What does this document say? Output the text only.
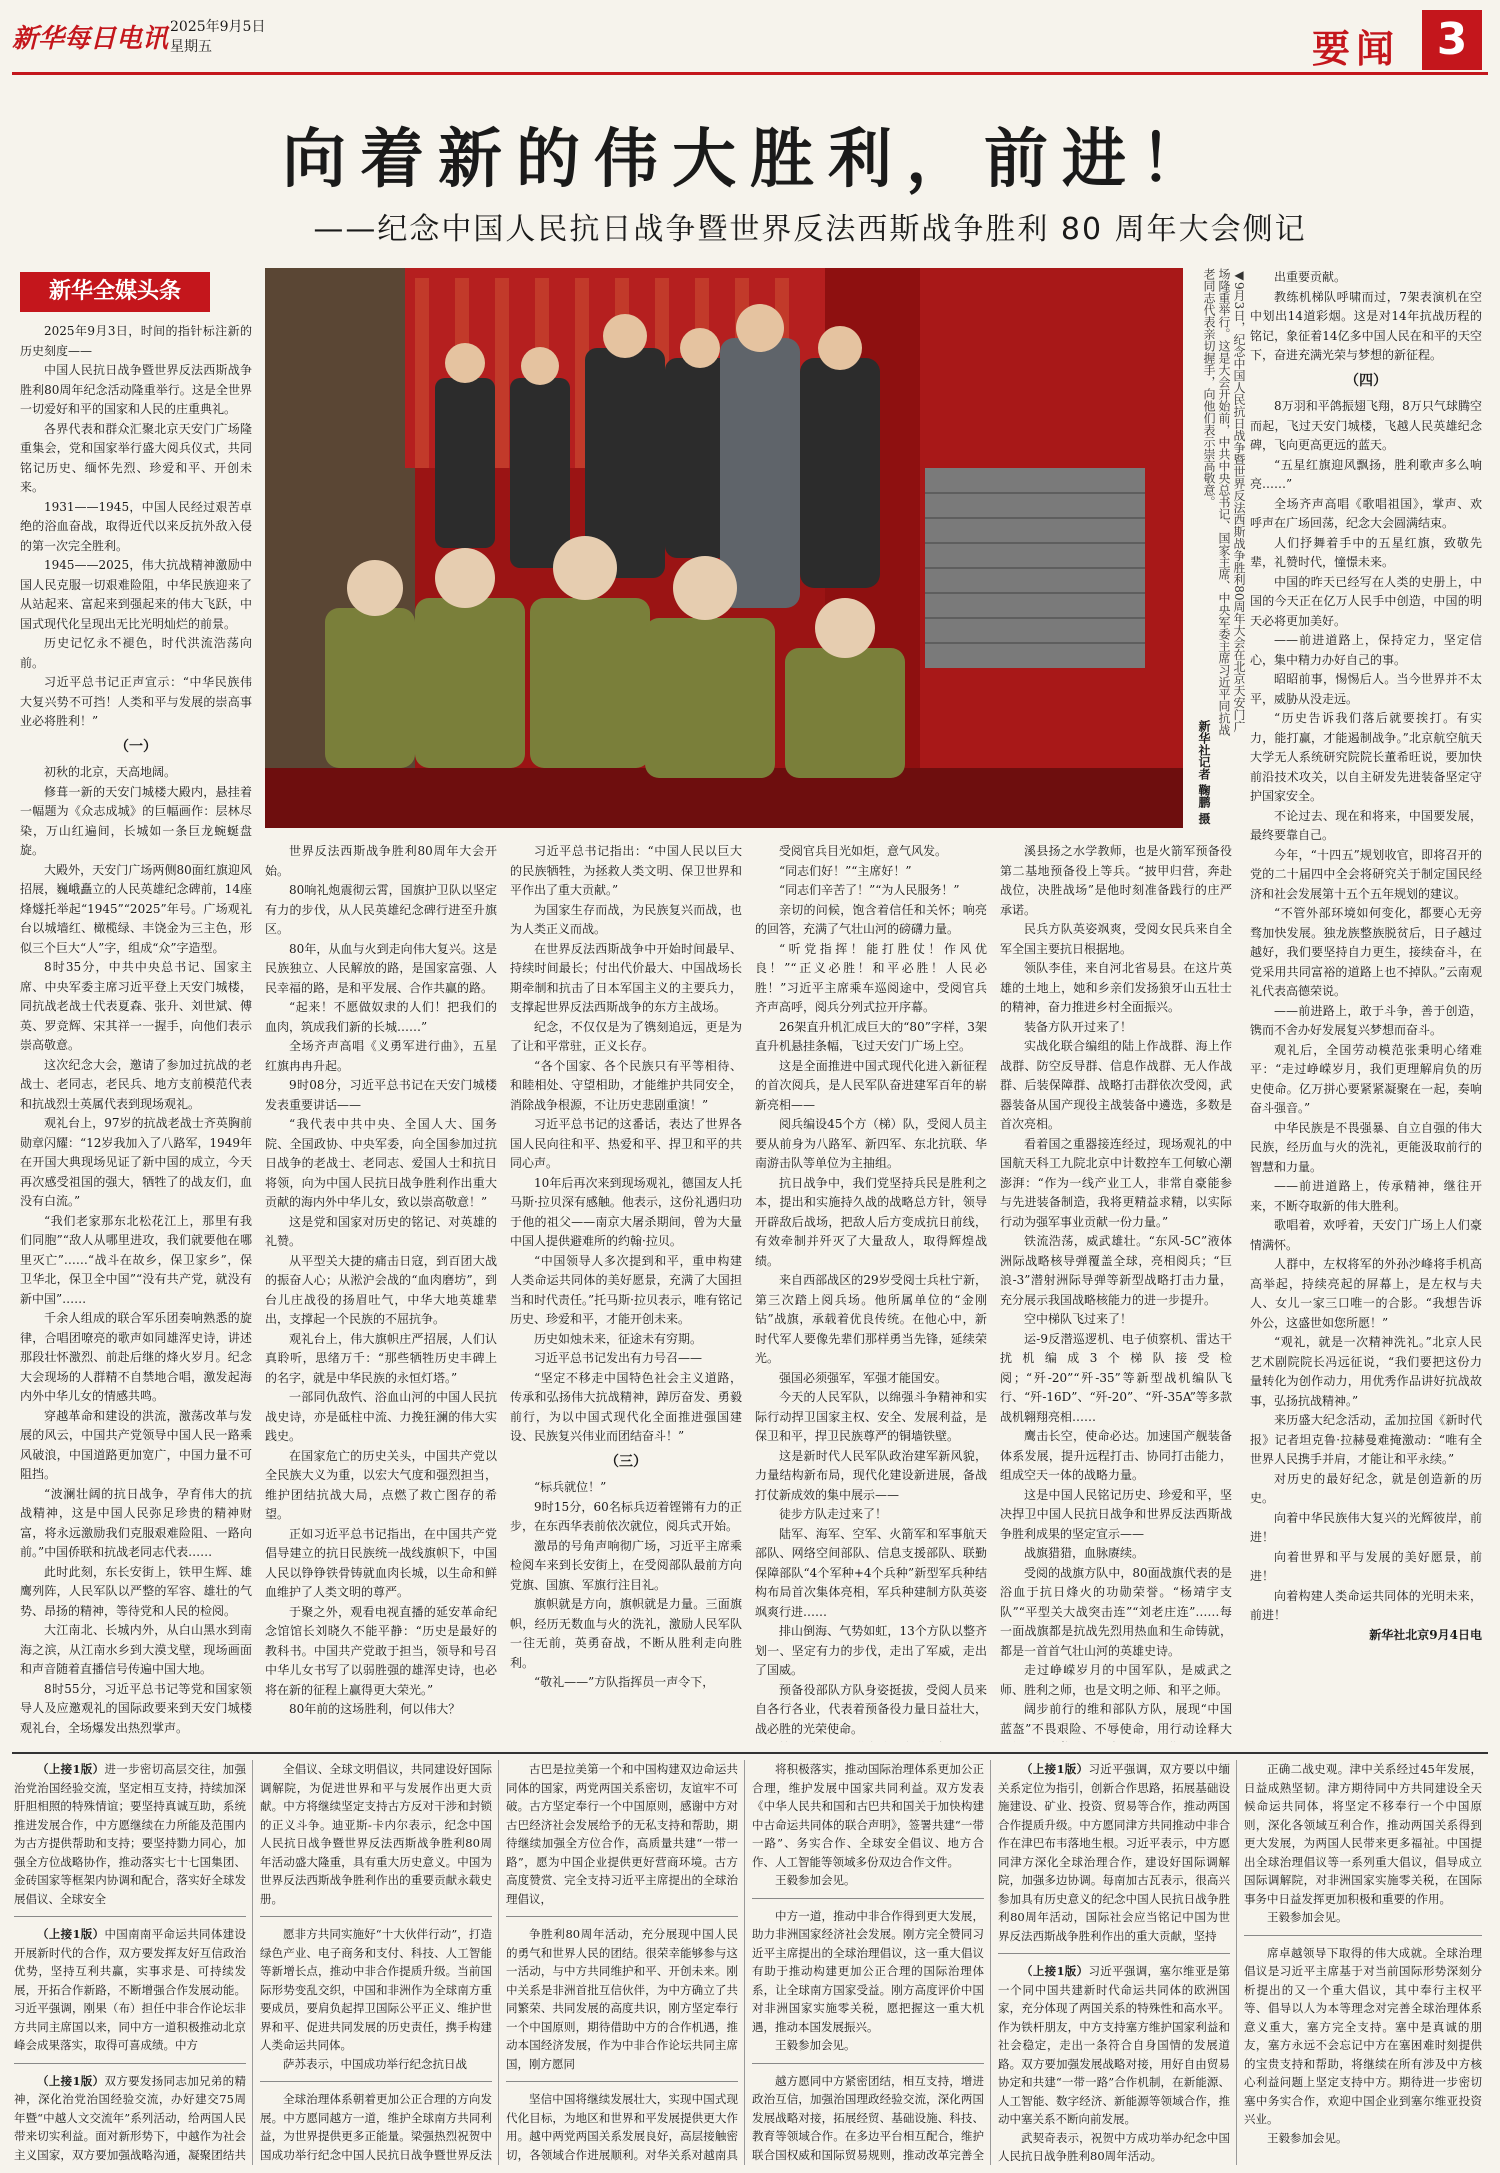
新华每日电讯 2025年9月5日
星期五	要闻 3
向着新的伟大胜利，前进！
——纪念中国人民抗日战争暨世界反法西斯战争胜利 80 周年大会侧记
新华全媒头条	◀9月3日，纪念中国人民抗日战争暨世界反法西斯战争胜利80周年大会在北京天安门广场隆重举行。这是大会开始前，中共中央总书记、国家主席、中央军委主席习近平同抗战老同志代表亲切握手，向他们表示崇高敬意。
新华社记者 鞠鹏 摄

2025年9月3日，时间的指针标注新的历史刻度——

中国人民抗日战争暨世界反法西斯战争胜利80周年纪念活动隆重举行。这是全世界一切爱好和平的国家和人民的庄重典礼。

各界代表和群众汇聚北京天安门广场隆重集会，党和国家举行盛大阅兵仪式，共同铭记历史、缅怀先烈、珍爱和平、开创未来。

1931——1945，中国人民经过艰苦卓绝的浴血奋战，取得近代以来反抗外敌入侵的第一次完全胜利。

1945——2025，伟大抗战精神激励中国人民克服一切艰难险阻，中华民族迎来了从站起来、富起来到强起来的伟大飞跃，中国式现代化呈现出无比光明灿烂的前景。

历史记忆永不褪色，时代洪流浩荡向前。

习近平总书记正声宣示：“中华民族伟大复兴势不可挡！人类和平与发展的崇高事业必将胜利！”

（一）

初秋的北京，天高地阔。

修葺一新的天安门城楼大殿内，悬挂着一幅题为《众志成城》的巨幅画作：层林尽染，万山红遍间，长城如一条巨龙蜿蜒盘旋。

大殿外，天安门广场两侧80面红旗迎风招展，巍峨矗立的人民英雄纪念碑前，14座烽燧托举起“1945”“2025”年号。广场观礼台以城墙红、橄榄绿、丰饶金为三主色，形似三个巨大“人”字，组成“众”字造型。

8时35分，中共中央总书记、国家主席、中央军委主席习近平登上天安门城楼，同抗战老战士代表夏森、张升、刘世斌、傅英、罗竞辉、宋其祥一一握手，向他们表示崇高敬意。

这次纪念大会，邀请了参加过抗战的老战士、老同志，老民兵、地方支前模范代表和抗战烈士英属代表到现场观礼。

观礼台上，97岁的抗战老战士齐英胸前勋章闪耀：“12岁我加入了八路军，1949年在开国大典现场见证了新中国的成立，今天再次感受祖国的强大，牺牲了的战友们，血没有白流。”

“我们老家那东北松花江上，那里有我们同胞”“敌人从哪里进攻，我们就要他在哪里灭亡”……“战斗在故乡，保卫家乡”，保卫华北，保卫全中国”“没有共产党，就没有新中国”……

千余人组成的联合军乐团奏响熟悉的旋律，合唱团嘹亮的歌声如同雄浑史诗，讲述那段壮怀激烈、前赴后继的烽火岁月。纪念大会现场的人群精不自禁地合唱，激发起海内外中华儿女的情感共鸣。

穿越革命和建设的洪流，激荡改革与发展的风云，中国共产党领导中国人民一路乘风破浪，中国道路更加宽广，中国力量不可阻挡。

“波澜壮阔的抗日战争，孕育伟大的抗战精神，这是中国人民弥足珍贵的精神财富，将永远激励我们克服艰难险阻、一路向前。”中国侨联和抗战老同志代表……

此时此刻，东长安街上，铁甲生辉、雄鹰列阵，人民军队以严整的军容、雄壮的气势、昂扬的精神，等待党和人民的检阅。

大江南北、长城内外，从白山黑水到南海之滨，从江南水乡到大漠戈壁，现场画面和声音随着直播信号传遍中国大地。

8时55分，习近平总书记等党和国家领导人及应邀观礼的国际政要来到天安门城楼观礼台，全场爆发出热烈掌声。

世界反法西斯战争胜利80周年大会开始。

80响礼炮震彻云霄，国旗护卫队以坚定有力的步伐，从人民英雄纪念碑行进至升旗区。

80年，从血与火到走向伟大复兴。这是民族独立、人民解放的路，是国家富强、人民幸福的路，是和平发展、合作共赢的路。

“起来！不愿做奴隶的人们！把我们的血肉，筑成我们新的长城……”

全场齐声高唱《义勇军进行曲》，五星红旗冉冉升起。

9时08分，习近平总书记在天安门城楼发表重要讲话——

“我代表中共中央、全国人大、国务院、全国政协、中央军委，向全国参加过抗日战争的老战士、老同志、爱国人士和抗日将领，向为中国人民抗日战争胜利作出重大贡献的海内外中华儿女，致以崇高敬意！”

这是党和国家对历史的铭记、对英雄的礼赞。

从平型关大捷的痛击日寇，到百团大战的振奋人心；从淞沪会战的“血肉磨坊”，到台儿庄战役的扬眉吐气，中华大地英雄辈出，支撑起一个民族的不屈抗争。

观礼台上，伟大旗帜庄严招展，人们认真聆听，思绪万千：“那些牺牲历史丰碑上的名字，就是中华民族的永恒灯塔。”

一部同仇敌忾、浴血山河的中国人民抗战史诗，亦是砥柱中流、力挽狂澜的伟大实践史。

在国家危亡的历史关头，中国共产党以全民族大义为重，以宏大气度和强烈担当，维护团结抗战大局，点燃了救亡图存的希望。

正如习近平总书记指出，在中国共产党倡导建立的抗日民族统一战线旗帜下，中国人民以铮铮铁骨铸就血肉长城，以生命和鲜血维护了人类文明的尊严。

于聚之外，观看电视直播的延安革命纪念馆馆长刘晓久不能平静：“历史是最好的教科书。中国共产党敢于担当，领导和号召中华儿女书写了以弱胜强的雄浑史诗，也必将在新的征程上赢得更大荣光。”

80年前的这场胜利，何以伟大？

习近平总书记指出：“中国人民以巨大的民族牺牲，为拯救人类文明、保卫世界和平作出了重大贡献。”

为国家生存而战，为民族复兴而战，也为人类正义而战。

在世界反法西斯战争中开始时间最早、持续时间最长；付出代价最大、中国战场长期牵制和抗击了日本军国主义的主要兵力，支撑起世界反法西斯战争的东方主战场。

纪念，不仅仅是为了镌刻追远，更是为了让和平常驻，正义长存。

“各个国家、各个民族只有平等相待、和睦相处、守望相助，才能维护共同安全，消除战争根源，不让历史悲剧重演！”

习近平总书记的这番话，表达了世界各国人民向往和平、热爱和平、捍卫和平的共同心声。

10年后再次来到现场观礼，德国友人托马斯·拉贝深有感触。他表示，这份礼遇归功于他的祖父——南京大屠杀期间，曾为大量中国人提供避难所的约翰·拉贝。

“中国领导人多次提到和平，重申构建人类命运共同体的美好愿景，充满了大国担当和时代责任。”托马斯·拉贝表示，唯有铭记历史、珍爱和平，才能开创未来。

历史如烛未来，征途未有穷期。

习近平总书记发出有力号召——

“坚定不移走中国特色社会主义道路，传承和弘扬伟大抗战精神，踔厉奋发、勇毅前行，为以中国式现代化全面推进强国建设、民族复兴伟业而团结奋斗！”

（三）

“标兵就位！”

9时15分，60名标兵迈着铿锵有力的正步，在东西华表前依次就位，阅兵式开始。

激昂的号角声响彻广场，习近平主席乘检阅车来到长安街上，在受阅部队最前方向党旗、国旗、军旗行注目礼。

旗帜就是方向，旗帜就是力量。三面旗帜，经历无数血与火的洗礼，激励人民军队一往无前，英勇奋战，不断从胜利走向胜利。

“敬礼——”方队指挥员一声令下，

受阅官兵目光如炬，意气风发。

“同志们好！”“主席好！”

“同志们辛苦了！”“为人民服务！”

亲切的问候，饱含着信任和关怀；响亮的回答，充满了气壮山河的磅礴力量。

“听党指挥！能打胜仗！作风优良！”“正义必胜！和平必胜！人民必胜！”习近平主席乘车巡阅途中，受阅官兵齐声高呼，阅兵分列式拉开序幕。

26架直升机汇成巨大的“80”字样，3架直升机悬挂条幅，飞过天安门广场上空。

这是全面推进中国式现代化进入新征程的首次阅兵，是人民军队奋进建军百年的崭新亮相——

阅兵编设45个方（梯）队，受阅人员主要从前身为八路军、新四军、东北抗联、华南游击队等单位为主抽组。

抗日战争中，我们党坚持兵民是胜利之本，提出和实施持久战的战略总方针，领导开辟敌后战场，把敌人后方变成抗日前线，有效牵制并歼灭了大量敌人，取得辉煌战绩。

来自西部战区的29岁受阅士兵杜宁新，第三次踏上阅兵场。他所属单位的“金刚钻”战旗，承载着优良传统。在他心中，新时代军人要像先辈们那样勇当先锋，延续荣光。

强国必须强军，军强才能国安。

今天的人民军队，以绵强斗争精神和实际行动捍卫国家主权、安全、发展利益，是保卫和平，捍卫民族尊严的铜墙铁壁。

这是新时代人民军队政治建军新风貌，力量结构新布局，现代化建设新进展，备战打仗新成效的集中展示——

徒步方队走过来了！

陆军、海军、空军、火箭军和军事航天部队、网络空间部队、信息支援部队、联勤保障部队“4个军种+4个兵种”新型军兵种结构布局首次集体亮相，军兵种建制方队英姿飒爽行进……

排山倒海、气势如虹，13个方队以整齐划一、坚定有力的步伐，走出了军威，走出了国威。

预备役部队方队身姿挺拔，受阅人员来自各行各业，代表着预备役力量日益壮大，战必胜的光荣使命。

溪县扬之水学教师，也是火箭军预备役第二基地预备役上等兵。“披甲归营，奔赴战位，决胜战场”是他时刻准备践行的庄严承诺。

民兵方队英姿飒爽，受阅女民兵来自全军全国主要抗日根据地。

领队李佳，来自河北省易县。在这片英雄的土地上，她和乡亲们发扬狼牙山五壮士的精神，奋力推进乡村全面振兴。

装备方队开过来了！

实战化联合编组的陆上作战群、海上作战群、防空反导群、信息作战群、无人作战群、后装保障群、战略打击群依次受阅，武器装备从国产现役主战装备中遴选，多数是首次亮相。

看着国之重器接连经过，现场观礼的中国航天科工九院北京中计数控车工何敏心潮澎湃：“作为一线产业工人，非常自豪能参与先进装备制造，我将更精益求精，以实际行动为强军事业贡献一份力量。”

铁流浩荡，威武雄壮。“东风-5C”液体洲际战略核导弹覆盖全球，亮相阅兵；“巨浪-3”潜射洲际导弹等新型战略打击力量，充分展示我国战略核能力的进一步提升。

空中梯队飞过来了！

运-9反潜巡逻机、电子侦察机、雷达干扰机编成3个梯队接受检阅；“歼-20”“歼-35”等新型战机编队飞行、“歼-16D”、“歼-20”、“歼-35A”等多款战机翱翔亮相……

鹰击长空，使命必达。加速国产舰装备体系发展，提升远程打击、协同打击能力，组成空天一体的战略力量。

这是中国人民铭记历史、珍爱和平，坚决捍卫中国人民抗日战争和世界反法西斯战争胜利成果的坚定宣示——

战旗猎猎，血脉赓续。

受阅的战旗方队中，80面战旗代表的是浴血于抗日烽火的功勋荣誉。“杨靖宇支队”“平型关大战突击连”“刘老庄连”……每一面战旗都是抗战先烈用热血和生命铸就，都是一首首气壮山河的英雄史诗。

走过峥嵘岁月的中国军队，是威武之师、胜利之师，也是文明之师、和平之师。

阔步前行的维和部队方队，展现“中国蓝盔”不畏艰险、不辱使命，用行动诠释大

出重要贡献。

教练机梯队呼啸而过，7架表演机在空中划出14道彩烟。这是对14年抗战历程的铭记，象征着14亿多中国人民在和平的天空下，奋进充满光荣与梦想的新征程。

（四）

8万羽和平鸽振翅飞翔，8万只气球腾空而起，飞过天安门城楼，飞越人民英雄纪念碑，飞向更高更远的蓝天。

“五星红旗迎风飘扬，胜利歌声多么响亮……”

全场齐声高唱《歌唱祖国》，掌声、欢呼声在广场回荡，纪念大会圆满结束。

人们抒舞着手中的五星红旗，致敬先辈，礼赞时代，憧憬未来。

中国的昨天已经写在人类的史册上，中国的今天正在亿万人民手中创造，中国的明天必将更加美好。

——前进道路上，保持定力，坚定信心，集中精力办好自己的事。

昭昭前事，惕惕后人。当今世界并不太平，威胁从没走远。

“历史告诉我们落后就要挨打。有实力，能打赢，才能遏制战争。”北京航空航天大学无人系统研究院院长董希旺说，要加快前沿技术攻关，以自主研发先进装备坚定守护国家安全。

不论过去、现在和将来，中国要发展，最终要靠自己。

今年，“十四五”规划收官，即将召开的党的二十届四中全会将研究关于制定国民经济和社会发展第十五个五年规划的建议。

“不管外部环境如何变化，都要心无旁骛加快发展。独龙族整族脱贫后，日子越过越好，我们要坚持自力更生，接续奋斗，在党采用共同富裕的道路上也不掉队。”云南观礼代表高德荣说。

——前进路上，敢于斗争，善于创造，镌而不舍办好发展复兴梦想而奋斗。

观礼后，全国劳动模范张秉明心绪难平：“走过峥嵘岁月，我们更理解肩负的历史使命。亿万拼心要紧紧凝聚在一起，奏响奋斗强音。”

中华民族是不畏强暴、自立自强的伟大民族，经历血与火的洗礼，更能汲取前行的智慧和力量。

——前进道路上，传承精神，继往开来，不断夺取新的伟大胜利。

歌唱着，欢呼着，天安门广场上人们豪情满怀。

人群中，左权将军的外孙沙峰将手机高高举起，持续亮起的屏幕上，是左权与夫人、女儿一家三口唯一的合影。“我想告诉外公，这盛世如您所愿！”

“观礼，就是一次精神洗礼。”北京人民艺术剧院院长冯远征说，“我们要把这份力量转化为创作动力，用优秀作品讲好抗战故事，弘扬抗战精神。”

来历盛大纪念活动，孟加拉国《新时代报》记者坦克鲁·拉赫曼难掩激动：“唯有全世界人民携手并肩，才能让和平永续。”

对历史的最好纪念，就是创造新的历史。

向着中华民族伟大复兴的光辉彼岸，前进！

向着世界和平与发展的美好愿景，前进！

向着构建人类命运共同体的光明未来，前进！

新华社北京9月4日电

（上接1版）进一步密切高层交往，加强治党治国经验交流，坚定相互支持，持续加深肝胆相照的特殊情谊；要坚持真诚互助，系统推进发展合作，中方愿继续在力所能及范围内为古方提供帮助和支持；要坚持勠力同心，加强全方位战略协作，推动落实七十七国集团、金砖国家等框架内协调和配合，落实好全球发展倡议、全球安全

（上接1版）中国南南平命运共同体建设开展新时代的合作，双方要发挥友好互信政治优势，坚持互利共赢，实事求是、可持续发展，开拓合作新路，不断增强合作发展动能。习近平强调，刚果（布）担任中非合作论坛非方共同主席国以来，同中方一道积极推动北京峰会成果落实，取得可喜成绩。中方

（上接1版）双方要发扬同志加兄弟的精神，深化治党治国经验交流，办好建交75周年暨“中越人文交流年”系列活动，给两国人民带来切实利益。面对新形势下，中越作为社会主义国家，双方要加强战略沟通，凝聚团结共

全倡议、全球文明倡议，共同建设好国际调解院，为促进世界和平与发展作出更大贡献。中方将继续坚定支持古方反对干涉和封锁的正义斗争。迪亚斯-卡内尔表示，纪念中国人民抗日战争暨世界反法西斯战争胜利80周年活动盛大隆重，具有重大历史意义。中国为世界反法西斯战争胜利作出的重要贡献永载史册。

愿非方共同实施好“十大伙伴行动”，打造绿色产业、电子商务和支付、科技、人工智能等新增长点，推动中非合作提质升级。当前国际形势变乱交织，中国和非洲作为全球南方重要成员，要肩负起捍卫国际公平正义、维护世界和平、促进共同发展的历史责任，携手构建人类命运共同体。

萨苏表示，中国成功举行纪念抗日战

全球治理体系朝着更加公正合理的方向发展。中方愿同越方一道，维护全球南方共同利益，为世界提供更多正能量。梁强热烈祝贺中国成功举行纪念中国人民抗日战争暨世界反法

古巴是拉美第一个和中国构建双边命运共同体的国家，两党两国关系密切，友谊牢不可破。古方坚定奉行一个中国原则，感谢中方对古巴经济社会发展给予的无私支持和帮助，期待继续加强全方位合作，高质量共建“一带一路”，愿为中国企业提供更好营商环境。古方高度赞赏、完全支持习近平主席提出的全球治理倡议，

争胜利80周年活动，充分展现中国人民的勇气和世界人民的团结。很荣幸能够参与这一活动，与中方共同维护和平、开创未来。刚中关系是非洲首批互信伙伴，为中方确立了共同繁荣、共同发展的高度共识，刚方坚定奉行一个中国原则，期待借助中方的合作机遇，推动本国经济发展，作为中非合作论坛共同主席国，刚方愿同

坚信中国将继续发展壮大，实现中国式现代化目标，为地区和世界和平发展提供更大作用。越中两党两国关系发展良好，高层接触密切，各领域合作进展顺利。对华关系对越南具

将积极落实，推动国际治理体系更加公正合理，维护发展中国家共同利益。双方发表《中华人民共和国和古巴共和国关于加快构建中古命运共同体的联合声明》，签署共建“一带一路”、务实合作、全球安全倡议、地方合作、人工智能等领域多份双边合作文件。

王毅参加会见。

中方一道，推动中非合作得到更大发展，助力非洲国家经济社会发展。刚方完全赞同习近平主席提出的全球治理倡议，这一重大倡议有助于推动构建更加公正合理的国际治理体系，让全球南方国家受益。刚方高度评价中国对非洲国家实施零关税，愿把握这一重大机遇，推动本国发展振兴。

王毅参加会见。

越方愿同中方紧密团结，相互支持，增进政治互信，加强治国理政经验交流，深化两国发展战略对接，拓展经贸、基础设施、科技、教育等领域合作。在多边平台相互配合，维护联合国权威和国际贸易规则，推动改革完善全

（上接1版）习近平强调，双方要以中缅关系定位为指引，创新合作思路，拓展基础设施建设、矿业、投资、贸易等合作，推动两国合作提质升级。中方愿同津方共同推动中非合作在津巴布韦落地生根。习近平表示，中方愿同津方深化全球治理合作，建设好国际调解院，加强多边协调。每南加古瓦表示，很高兴参加具有历史意义的纪念中国人民抗日战争胜利80周年活动，国际社会应当铭记中国为世界反法西斯战争胜利作出的重大贡献，坚持

（上接1版）习近平强调，塞尔维亚是第一个同中国共建新时代命运共同体的欧洲国家，充分体现了两国关系的特殊性和高水平。作为铁杆朋友，中方支持塞方维护国家利益和社会稳定，走出一条符合自身国情的发展道路。双方要加强发展战略对接，用好自由贸易协定和共建“一带一路”合作机制，在新能源、人工智能、数字经济、新能源等领域合作，推动中塞关系不断向前发展。

武契奇表示，祝贺中方成功举办纪念中国人民抗日战争胜利80周年活动。

正确二战史观。津中关系经过45年发展，日益成熟坚韧。津方期待同中方共同建设全天候命运共同体，将坚定不移奉行一个中国原则，深化各领域互利合作，推动两国关系得到更大发展，为两国人民带来更多福祉。中国提出全球治理倡议等一系列重大倡议，倡导成立国际调解院，对非洲国家实施零关税，在国际事务中日益发挥更加积极和重要的作用。

王毅参加会见。

席卓越领导下取得的伟大成就。全球治理倡议是习近平主席基于对当前国际形势深刻分析提出的又一个重大倡议，其中奉行主权平等、倡导以人为本等理念对完善全球治理体系意义重大，塞方完全支持。塞中是真诚的朋友，塞方永远不会忘记中方在塞困难时刻提供的宝贵支持和帮助，将继续在所有涉及中方核心利益问题上坚定支持中方。期待进一步密切塞中务实合作，欢迎中国企业到塞尔维亚投资兴业。

王毅参加会见。
